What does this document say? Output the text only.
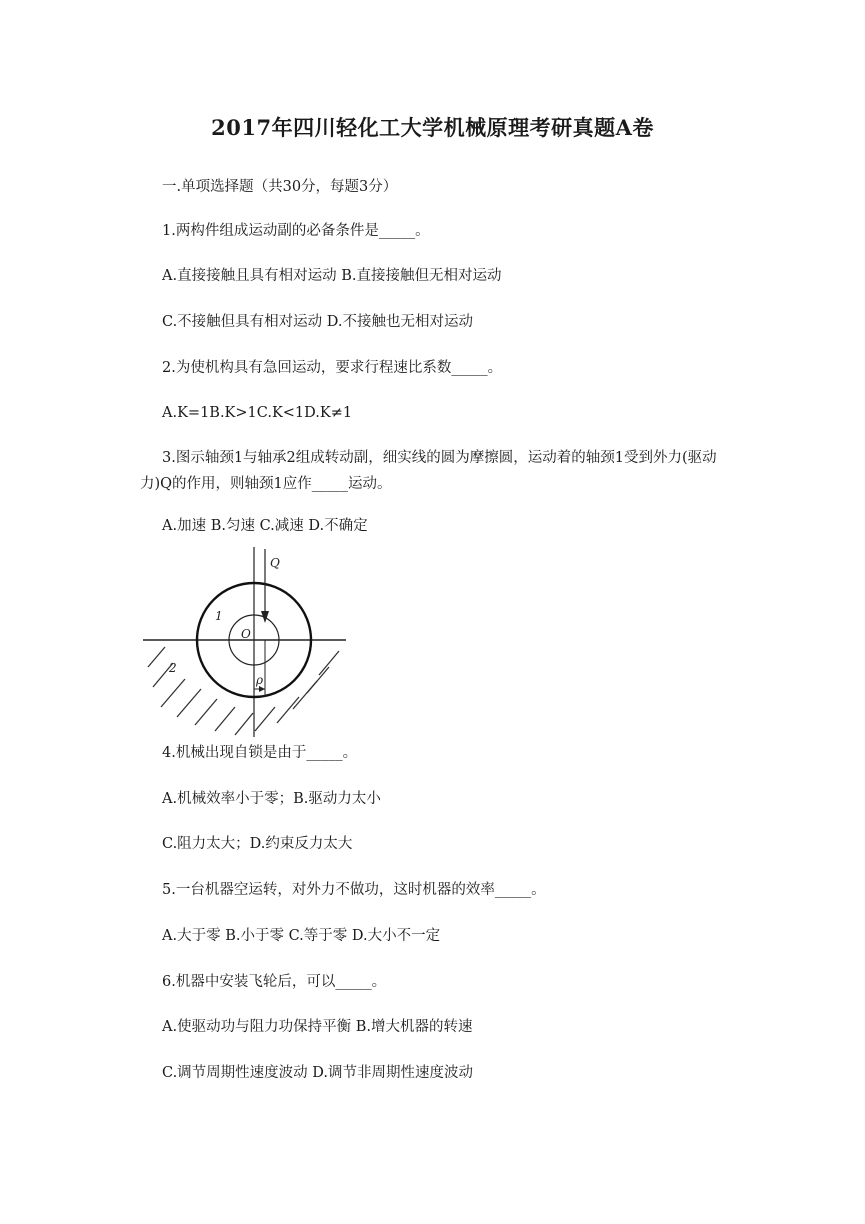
2017年四川轻化工大学机械原理考研真题A卷

一.单项选择题（共30分，每题3分）

1.两构件组成运动副的必备条件是_____。

A.直接接触且具有相对运动 B.直接接触但无相对运动

C.不接触但具有相对运动 D.不接触也无相对运动

2.为使机构具有急回运动，要求行程速比系数_____。

A.K=1B.K>1C.K<1D.K≠1

3.图示轴颈1与轴承2组成转动副，细实线的圆为摩擦圆，运动着的轴颈1受到外力(驱动力)Q的作用，则轴颈1应作_____运动。

A.加速 B.匀速 C.减速 D.不确定

Q
1
2
O
ρ

4.机械出现自锁是由于_____。

A.机械效率小于零；B.驱动力太小

C.阻力太大；D.约束反力太大

5.一台机器空运转，对外力不做功，这时机器的效率_____。

A.大于零 B.小于零 C.等于零 D.大小不一定

6.机器中安装飞轮后，可以_____。

A.使驱动功与阻力功保持平衡 B.增大机器的转速

C.调节周期性速度波动 D.调节非周期性速度波动
